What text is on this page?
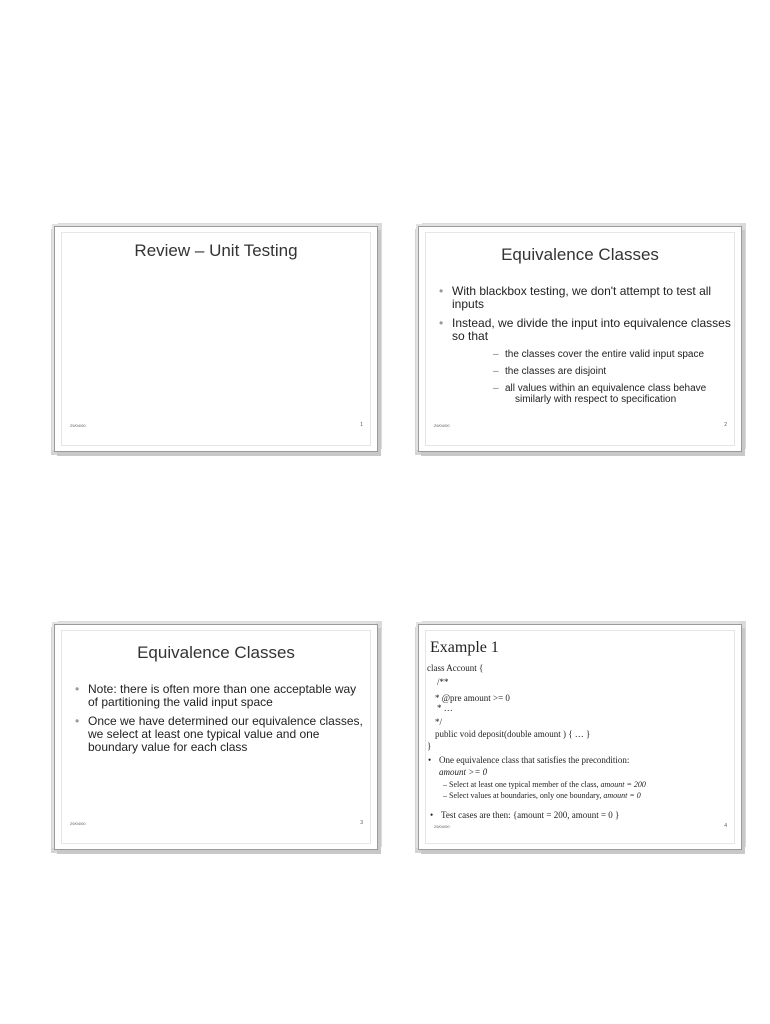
Review – Unit Testing
29/04/00	1
Equivalence Classes
• With blackbox testing, we don't attempt to test all inputs
• Instead, we divide the input into equivalence classes so that
– the classes cover the entire valid input space
– the classes are disjoint
– all values within an equivalence class behave
similarly with respect to specification
29/04/00	2
Equivalence Classes
• Note: there is often more than one acceptable way of partitioning the valid input space
• Once we have determined our equivalence classes, we select at least one typical value and one boundary value for each class
29/04/00	3
Example 1
class Account {
/**
* @pre amount >= 0
* …
*/
public void deposit(double amount ) { … }
}
• One equivalence class that satisfies the precondition:
amount >= 0
– Select at least one typical member of the class, amount = 200
– Select values at boundaries, only one boundary, amount = 0
• Test cases are then: {amount = 200, amount = 0 }
29/04/00	4
